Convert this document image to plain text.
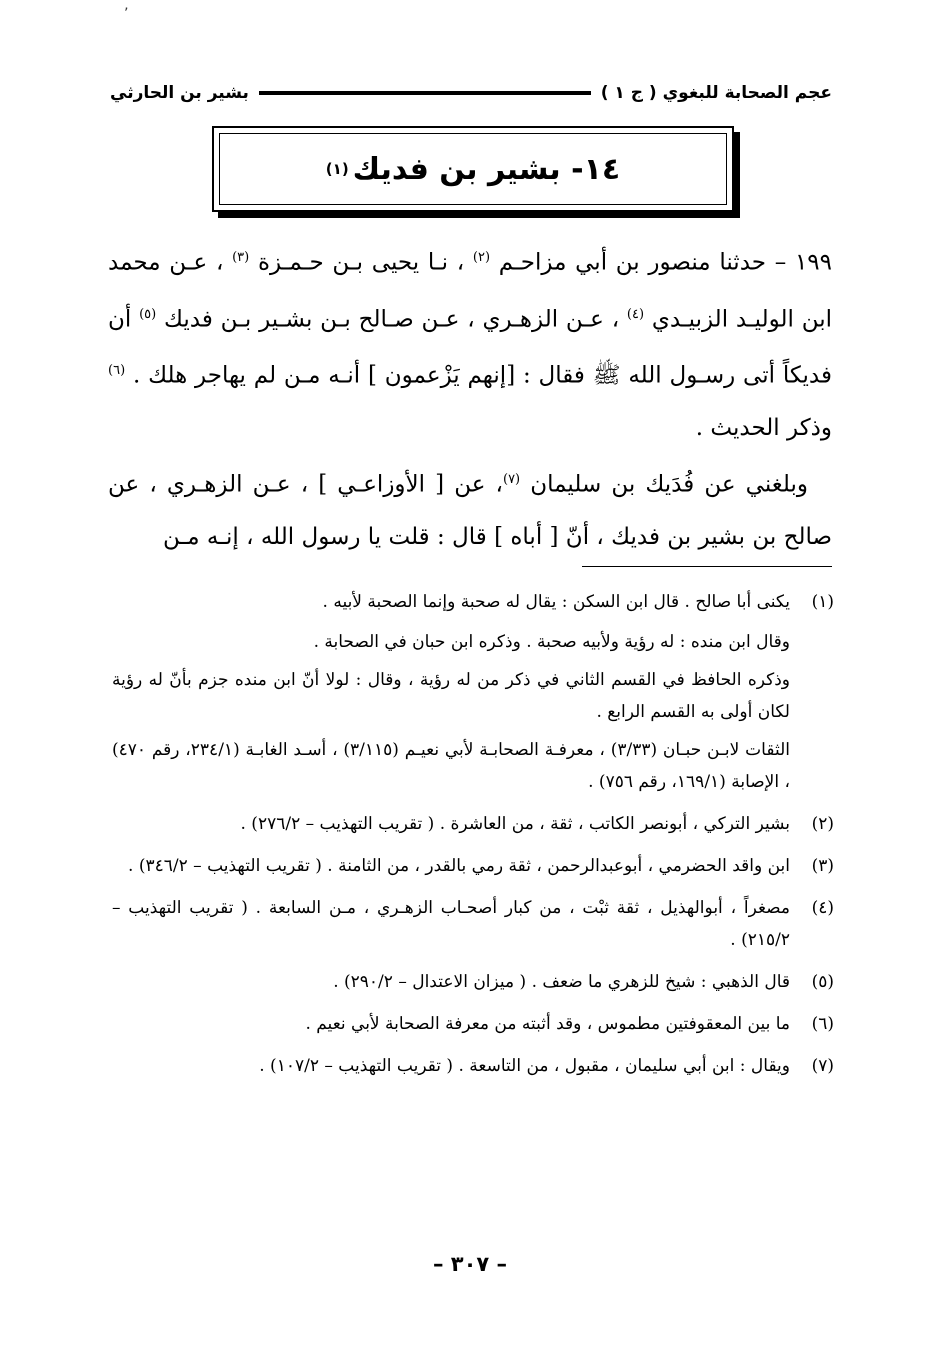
’
عجم الصحابة للبغوي ( ج ١ )
بشير بن الحارثي
١٤- بشير بن فديك
(١)

١٩٩ – حدثنا منصور بن أبي مزاحـم $^{(٢)}$ ، نـا يحيى بـن حـمـزة $^{(٣)}$ ، عـن محمد ابن الوليـد الزبيـدي $^{(٤)}$ ، عـن الزهـري ، عـن صـالح بـن بشـير بـن فديك $^{(٥)}$ أن فديكاً أتى رسـول الله ﷺ فقال : [إنهم يَزْعمون ] أنـه مـن لم يهاجر هلك . $^{(٦)}$ وذكر الحديث .

وبلغني عن فُدَيك بن سليمان $^{(٧)}$، عن [ الأوزاعـي ] ، عـن الزهـري ، عن صالح بن بشير بن فديك ، أنّ [ أباه ] قال : قلت يا رسول الله ، إنـه مـن

(١)
يكنى أبا صالح . قال ابن السكن : يقال له صحبة وإنما الصحبة لأبيه .
وقال ابن منده : له رؤية ولأبيه صحبة . وذكره ابن حبان في الصحابة .
وذكره الحافظ في القسم الثاني في ذكر من له رؤية ، وقال : لولا أنّ ابن منده جزم بأنّ له رؤية لكان أولى به القسم الرابع .
الثقات لابـن حبـان (٣/٣٣) ، معرفـة الصحابـة لأبي نعيـم (٣/١١٥) ، أسـد الغابـة (٢٣٤/١، رقم ٤٧٠) ، الإصابة (١٦٩/١، رقم ٧٥٦) .
(٢)
بشير التركي ، أبونصر الكاتب ، ثقة ، من العاشرة . ( تقريب التهذيب – ٢٧٦/٢) .
(٣)
ابن واقد الحضرمي ، أبوعبدالرحمن ، ثقة رمي بالقدر ، من الثامنة . ( تقريب التهذيب – ٣٤٦/٢) .
(٤)
مصغراً ، أبوالهذيل ، ثقة ثبْت ، من كبار أصحـاب الزهـري ، مـن السابعة . ( تقريب التهذيب – ٢١٥/٢) .
(٥)
قال الذهبي : شيخ للزهري ما ضعف . ( ميزان الاعتدال – ٢٩٠/٢) .
(٦)
ما بين المعقوفتين مطموس ، وقد أثبته من معرفة الصحابة لأبي نعيم .
(٧)
ويقال : ابن أبي سليمان ، مقبول ، من التاسعة . ( تقريب التهذيب – ١٠٧/٢) .
– ٣٠٧ –
